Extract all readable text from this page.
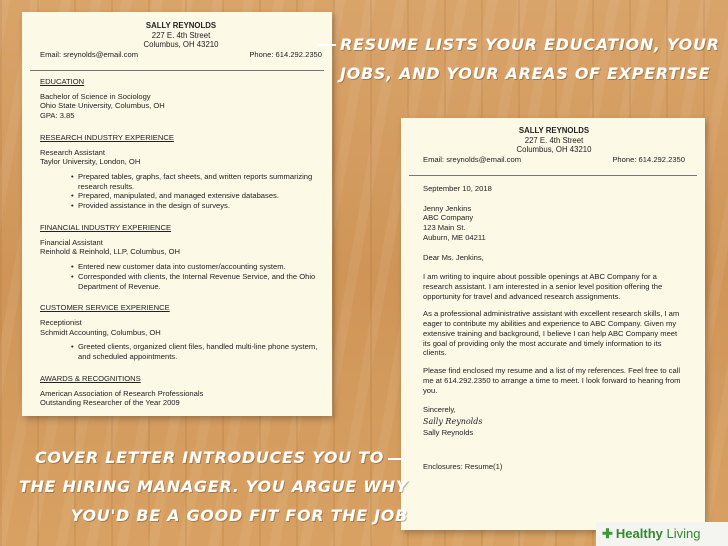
SALLY REYNOLDS
227 E. 4th Street
Columbus, OH 43210
Email: sreynolds@email.com	Phone: 614.292.2350
EDUCATION
Bachelor of Science in Sociology
Ohio State University, Columbus, OH
GPA: 3.85
RESEARCH INDUSTRY EXPERIENCE
Research Assistant
Taylor University, London, OH
• Prepared tables, graphs, fact sheets, and written reports summarizing research results.
• Prepared, manipulated, and managed extensive databases.
• Provided assistance in the design of surveys.
FINANCIAL INDUSTRY EXPERIENCE
Financial Assistant
Reinhold & Reinhold, LLP, Columbus, OH
• Entered new customer data into customer/accounting system.
• Corresponded with clients, the Internal Revenue Service, and the Ohio Department of Revenue.
CUSTOMER SERVICE EXPERIENCE
Receptionist
Schmidt Accounting, Columbus, OH
• Greeted clients, organized client files, handled multi-line phone system, and scheduled appointments.
AWARDS & RECOGNITIONS
American Association of Research Professionals
Outstanding Researcher of the Year 2009
SALLY REYNOLDS
227 E. 4th Street
Columbus, OH 43210
Email: sreynolds@email.com	Phone: 614.292.2350

September 10, 2018

Jenny Jenkins
ABC Company
123 Main St.
Auburn, ME 04211

Dear Ms. Jenkins,

I am writing to inquire about possible openings at ABC Company for a research assistant. I am interested in a senior level position offering the opportunity for travel and advanced research assignments.

As a professional administrative assistant with excellent research skills, I am eager to contribute my abilities and experience to ABC Company. Given my extensive training and background, I believe I can help ABC Company meet its goal of providing only the most accurate and timely information to its clients.

Please find enclosed my resume and a list of my references. Feel free to call me at 614.292.2350 to arrange a time to meet. I look forward to hearing from you.

Sincerely,
Sally Reynolds
Sally Reynolds
Enclosures: Resume(1)
RESUME LISTS YOUR EDUCATION, YOUR
JOBS, AND YOUR AREAS OF EXPERTISE
COVER LETTER INTRODUCES YOU TO
THE HIRING MANAGER. YOU ARGUE WHY
YOU'D BE A GOOD FIT FOR THE JOB
✚ Healthy Living
